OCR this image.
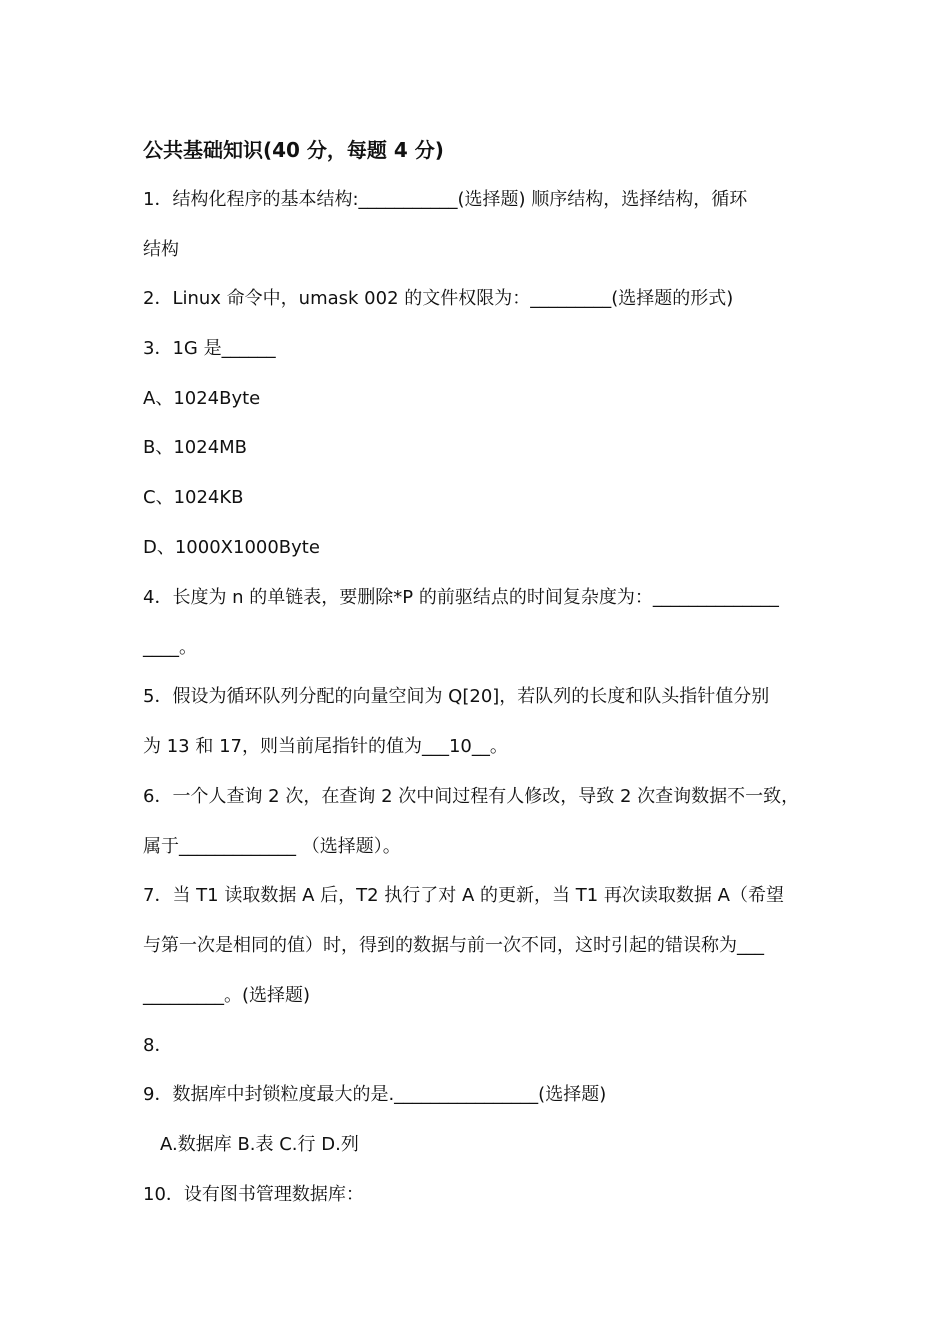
公共基础知识(40 分，每题 4 分)
1．结构化程序的基本结构:___________(选择题) 顺序结构，选择结构，循环
结构
2．Linux 命令中，umask 002 的文件权限为：_________(选择题的形式)
3．1G 是______
A、1024Byte
B、1024MB
C、1024KB
D、1000X1000Byte
4．长度为 n 的单链表，要删除*P 的前驱结点的时间复杂度为：______________
____。
5．假设为循环队列分配的向量空间为 Q[20]，若队列的长度和队头指针值分别
为 13 和 17，则当前尾指针的值为___10__。
6．一个人查询 2 次，在查询 2 次中间过程有人修改，导致 2 次查询数据不一致，
属于_____________ （选择题）。
7．当 T1 读取数据 A 后，T2 执行了对 A 的更新，当 T1 再次读取数据 A（希望
与第一次是相同的值）时，得到的数据与前一次不同，这时引起的错误称为___
_________。(选择题)
8．
9．数据库中封锁粒度最大的是.________________(选择题)
A.数据库 B.表 C.行 D.列
10．设有图书管理数据库：
